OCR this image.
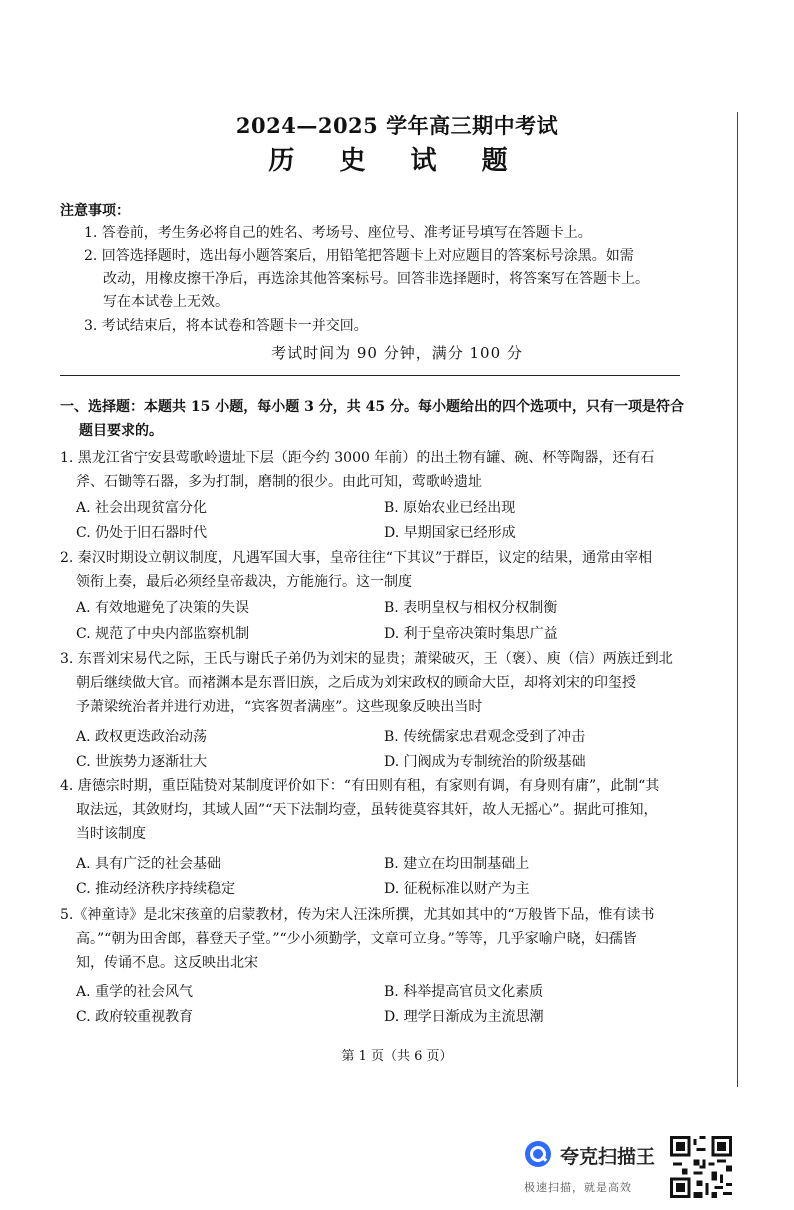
2024—2025 学年高三期中考试
历 史 试 题
注意事项：
1. 答卷前，考生务必将自己的姓名、考场号、座位号、准考证号填写在答题卡上。
2. 回答选择题时，选出每小题答案后，用铅笔把答题卡上对应题目的答案标号涂黑。如需
改动，用橡皮擦干净后，再选涂其他答案标号。回答非选择题时，将答案写在答题卡上。
写在本试卷上无效。
3. 考试结束后，将本试卷和答题卡一并交回。
考试时间为 90 分钟，满分 100 分
一、选择题：本题共 15 小题，每小题 3 分，共 45 分。每小题给出的四个选项中，只有一项是符合
题目要求的。
1. 黑龙江省宁安县莺歌岭遗址下层（距今约 3000 年前）的出土物有罐、碗、杯等陶器，还有石
斧、石锄等石器，多为打制，磨制的很少。由此可知，莺歌岭遗址
A. 社会出现贫富分化	B. 原始农业已经出现
C. 仍处于旧石器时代	D. 早期国家已经形成
2. 秦汉时期设立朝议制度，凡遇军国大事，皇帝往往“下其议”于群臣，议定的结果，通常由宰相
领衔上奏，最后必须经皇帝裁决，方能施行。这一制度
A. 有效地避免了决策的失误	B. 表明皇权与相权分权制衡
C. 规范了中央内部监察机制	D. 利于皇帝决策时集思广益
3. 东晋刘宋易代之际，王氏与谢氏子弟仍为刘宋的显贵；萧梁破灭，王（褒）、庾（信）两族迁到北
朝后继续做大官。而褚渊本是东晋旧族，之后成为刘宋政权的顾命大臣，却将刘宋的印玺授
予萧梁统治者并进行劝进，“宾客贺者满座”。这些现象反映出当时
A. 政权更迭政治动荡	B. 传统儒家忠君观念受到了冲击
C. 世族势力逐渐壮大	D. 门阀成为专制统治的阶级基础
4. 唐德宗时期，重臣陆贽对某制度评价如下：“有田则有租，有家则有调，有身则有庸”，此制“其
取法远，其敛财均，其域人固”“天下法制均壹，虽转徙莫容其奸，故人无摇心”。据此可推知，
当时该制度
A. 具有广泛的社会基础	B. 建立在均田制基础上
C. 推动经济秩序持续稳定	D. 征税标准以财产为主
5.《神童诗》是北宋孩童的启蒙教材，传为宋人汪洙所撰，尤其如其中的“万般皆下品，惟有读书
高。”“朝为田舍郎，暮登天子堂。”“少小须勤学，文章可立身。”等等，几乎家喻户晓，妇孺皆
知，传诵不息。这反映出北宋
A. 重学的社会风气	B. 科举提高官员文化素质
C. 政府较重视教育	D. 理学日渐成为主流思潮
第 1 页（共 6 页）
夸克扫描王
极速扫描，就是高效
